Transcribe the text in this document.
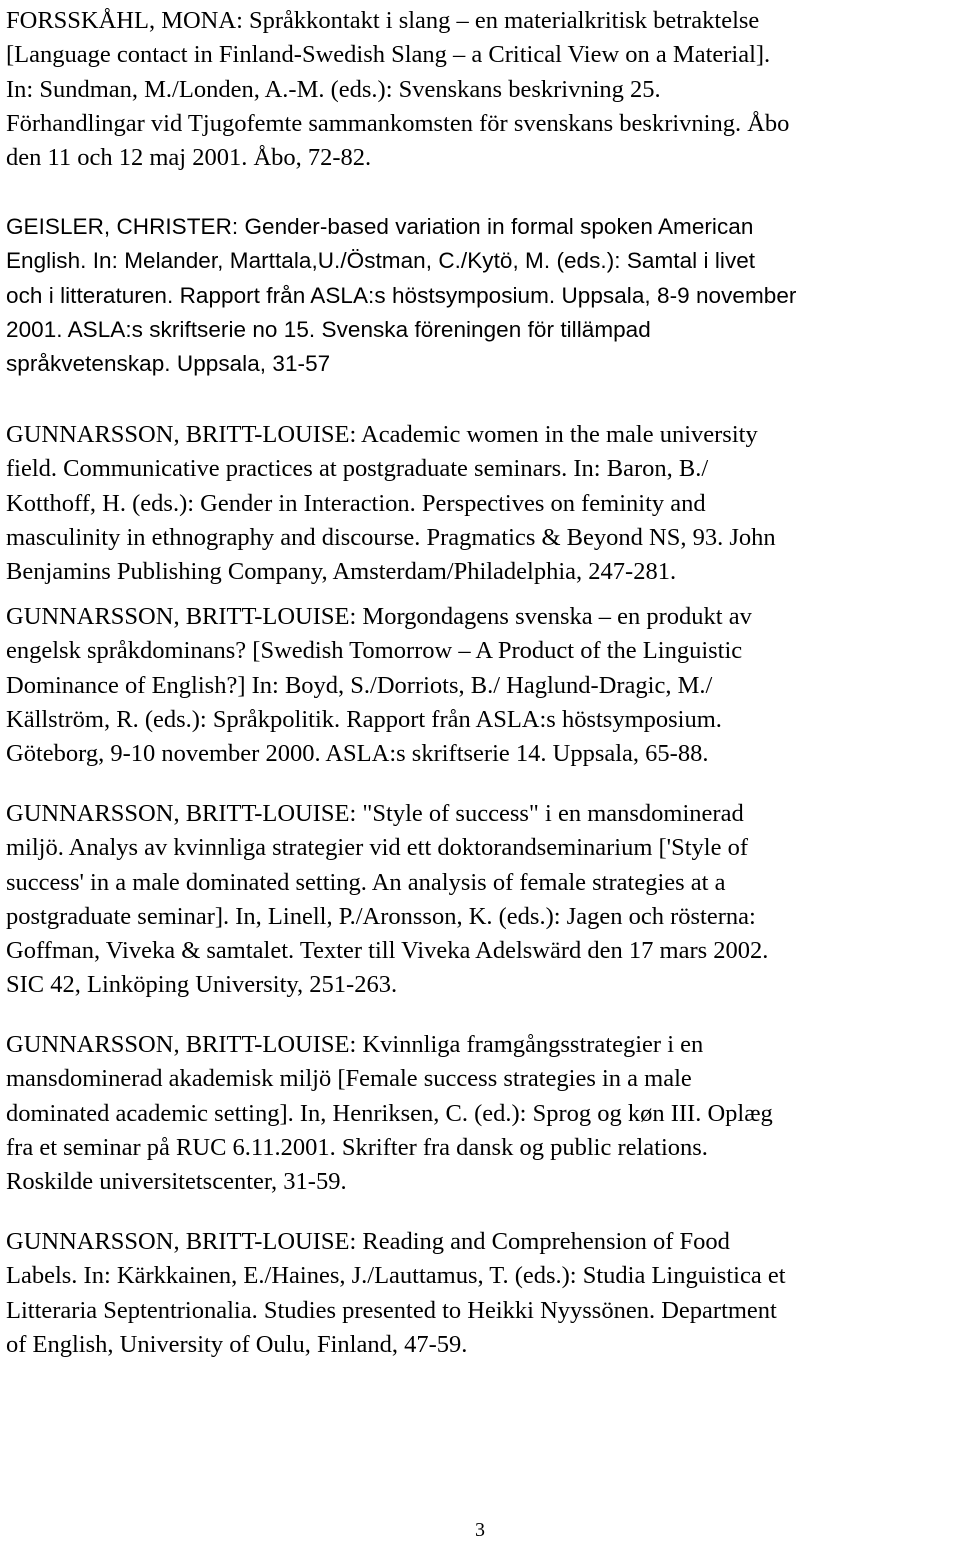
FORSSKÅHL, MONA: Språkkontakt i slang – en materialkritisk betraktelse
[Language contact in Finland-Swedish Slang – a Critical View on a Material].
In: Sundman, M./Londen, A.-M. (eds.): Svenskans beskrivning 25.
Förhandlingar vid Tjugofemte sammankomsten för svenskans beskrivning. Åbo
den 11 och 12 maj 2001. Åbo, 72-82.

GEISLER, CHRISTER: Gender-based variation in formal spoken American
English. In: Melander, Marttala,U./Östman, C./Kytö, M. (eds.): Samtal i livet
och i litteraturen. Rapport från ASLA:s höstsymposium. Uppsala, 8-9 november
2001. ASLA:s skriftserie no 15. Svenska föreningen för tillämpad
språkvetenskap. Uppsala, 31-57

GUNNARSSON, BRITT-LOUISE: Academic women in the male university
field. Communicative practices at postgraduate seminars. In: Baron, B./
Kotthoff, H. (eds.): Gender in Interaction. Perspectives on feminity and
masculinity in ethnography and discourse. Pragmatics & Beyond NS, 93. John
Benjamins Publishing Company, Amsterdam/Philadelphia, 247-281.

GUNNARSSON, BRITT-LOUISE: Morgondagens svenska – en produkt av
engelsk språkdominans? [Swedish Tomorrow – A Product of the Linguistic
Dominance of English?] In: Boyd, S./Dorriots, B./ Haglund-Dragic, M./
Källström, R. (eds.): Språkpolitik. Rapport från ASLA:s höstsymposium.
Göteborg, 9-10 november 2000. ASLA:s skriftserie 14. Uppsala, 65-88.

GUNNARSSON, BRITT-LOUISE: "Style of success" i en mansdominerad
miljö. Analys av kvinnliga strategier vid ett doktorandseminarium ['Style of
success' in a male dominated setting. An analysis of female strategies at a
postgraduate seminar]. In, Linell, P./Aronsson, K. (eds.): Jagen och rösterna:
Goffman, Viveka & samtalet. Texter till Viveka Adelswärd den 17 mars 2002.
SIC 42, Linköping University, 251-263.

GUNNARSSON, BRITT-LOUISE: Kvinnliga framgångsstrategier i en
mansdominerad akademisk miljö [Female success strategies in a male
dominated academic setting]. In, Henriksen, C. (ed.): Sprog og køn III. Oplæg
fra et seminar på RUC 6.11.2001. Skrifter fra dansk og public relations.
Roskilde universitetscenter, 31-59.

GUNNARSSON, BRITT-LOUISE: Reading and Comprehension of Food
Labels. In: Kärkkainen, E./Haines, J./Lauttamus, T. (eds.): Studia Linguistica et
Litteraria Septentrionalia. Studies presented to Heikki Nyyssönen. Department
of English, University of Oulu, Finland, 47-59.

3
